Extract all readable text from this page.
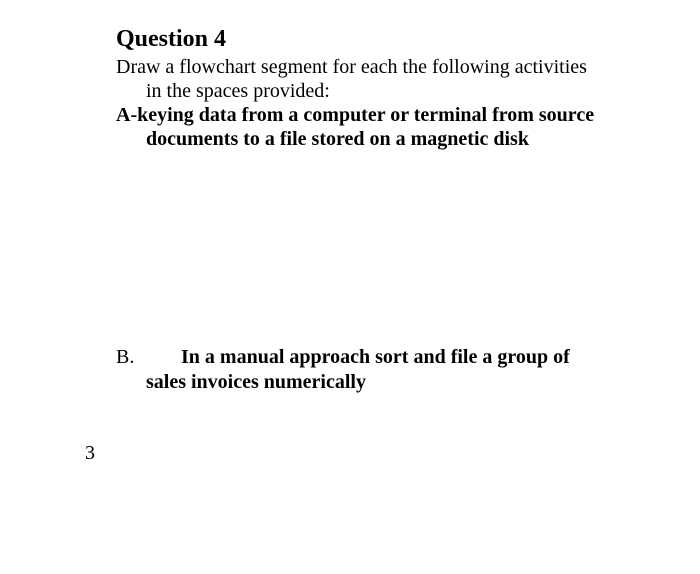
Question 4
Draw a flowchart segment for each the following activities
in the spaces provided:
A-keying data from a computer or terminal from source
documents to a file stored on a magnetic disk
B. In a manual approach sort and file a group of
sales invoices numerically
3
